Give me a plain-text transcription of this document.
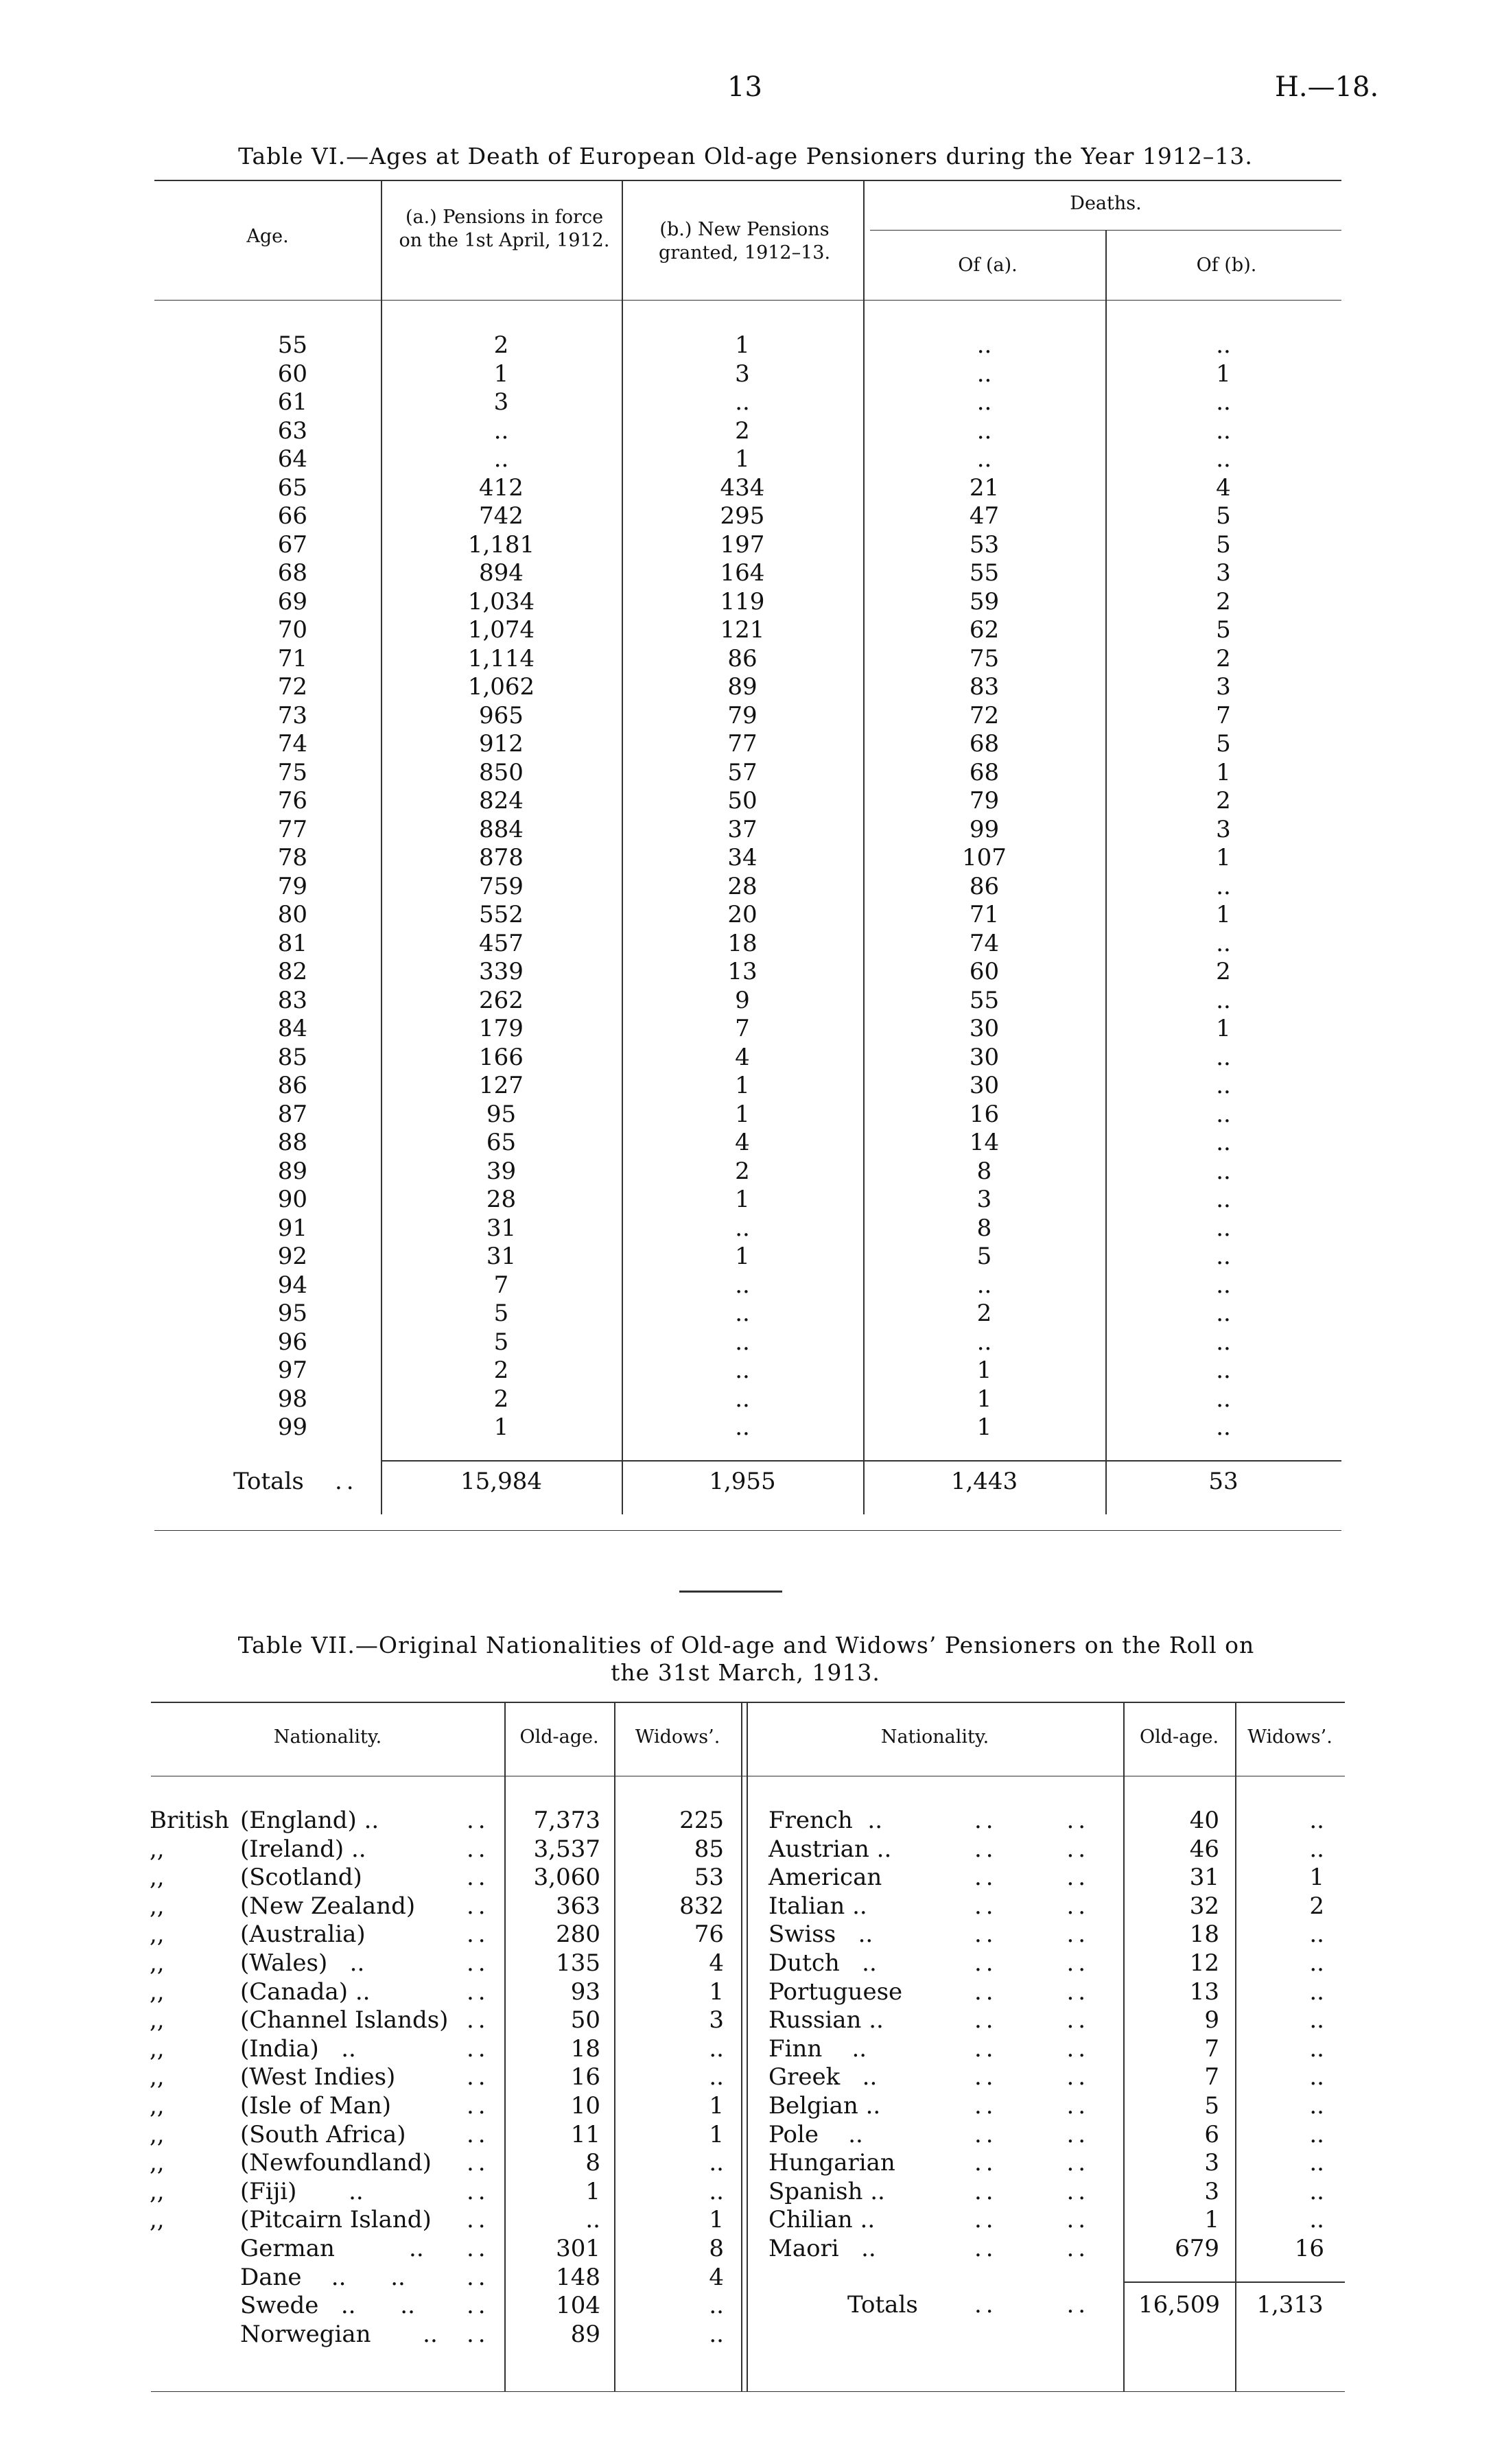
13	H.—18.
Table VI.—Ages at Death of European Old-age Pensioners during the Year 1912–13.
Age.
(a.) Pensions in force on the 1st April, 1912.
(b.) New Pensions granted, 1912–13.
Deaths.
Of (a).	Of (b).
55	2	1	..	..
60	1	3	..	1
61	3	..	..	..
63	..	2	..	..
64	..	1	..	..
65	412	434	21	4
66	742	295	47	5
67	1,181	197	53	5
68	894	164	55	3
69	1,034	119	59	2
70	1,074	121	62	5
71	1,114	86	75	2
72	1,062	89	83	3
73	965	79	72	7
74	912	77	68	5
75	850	57	68	1
76	824	50	79	2
77	884	37	99	3
78	878	34	107	1
79	759	28	86	..
80	552	20	71	1
81	457	18	74	..
82	339	13	60	2
83	262	9	55	..
84	179	7	30	1
85	166	4	30	..
86	127	1	30	..
87	95	1	16	..
88	65	4	14	..
89	39	2	8	..
90	28	1	3	..
91	31	..	8	..
92	31	1	5	..
94	7	..	..	..
95	5	..	2	..
96	5	..	..	..
97	2	..	1	..
98	2	..	1	..
99	1	..	1	..
Totals ..	15,984	1,955	1,443	53
Table VII.—Original Nationalities of Old-age and Widows’ Pensioners on the Roll on
the 31st March, 1913.
Nationality.	Old-age.	Widows’.	Nationality.	Old-age.	Widows’.
British (England) ..	..	7,373	225
,,	(Ireland) ..	..	3,537	85
,,	(Scotland)	..	3,060	53
,,	(New Zealand) ..	363	832
,,	(Australia)	..	280	76
,,	(Wales)   ..	..	135	4
,,	(Canada) ..	..	93	1
,,	(Channel Islands) ..	50	3
,,	(India)   ..	..	18	..
,,	(West Indies)	..	16	..
,,	(Isle of Man)	..	10	1
,,	(South Africa)	..	11	1
,,	(Newfoundland) ..	8	..
,,	(Fiji)       ..	..	1	..
,,	(Pitcairn Island) ..	..	1
German          .. ..	301	8
Dane    ..      ..	..	148	4
Swede   ..      .. ..	104	..
Norwegian       .. ..	89	..
French  ..	..      ..	40	..
Austrian ..	..      ..	46	..
American	..      ..	31	1
Italian ..	..      ..	32	2
Swiss   ..	..      ..	18	..
Dutch   ..	..      ..	12	..
Portuguese	..      ..	13	..
Russian ..	..      ..	9	..
Finn    ..	..      ..	7	..
Greek   ..	..      ..	7	..
Belgian ..	..      ..	5	..
Pole    ..	..      ..	6	..
Hungarian	..      ..	3	..
Spanish ..	..      ..	3	..
Chilian ..	..      ..	1	..
Maori   ..	..      ..	679	16
Totals ..      ..	16,509	1,313
